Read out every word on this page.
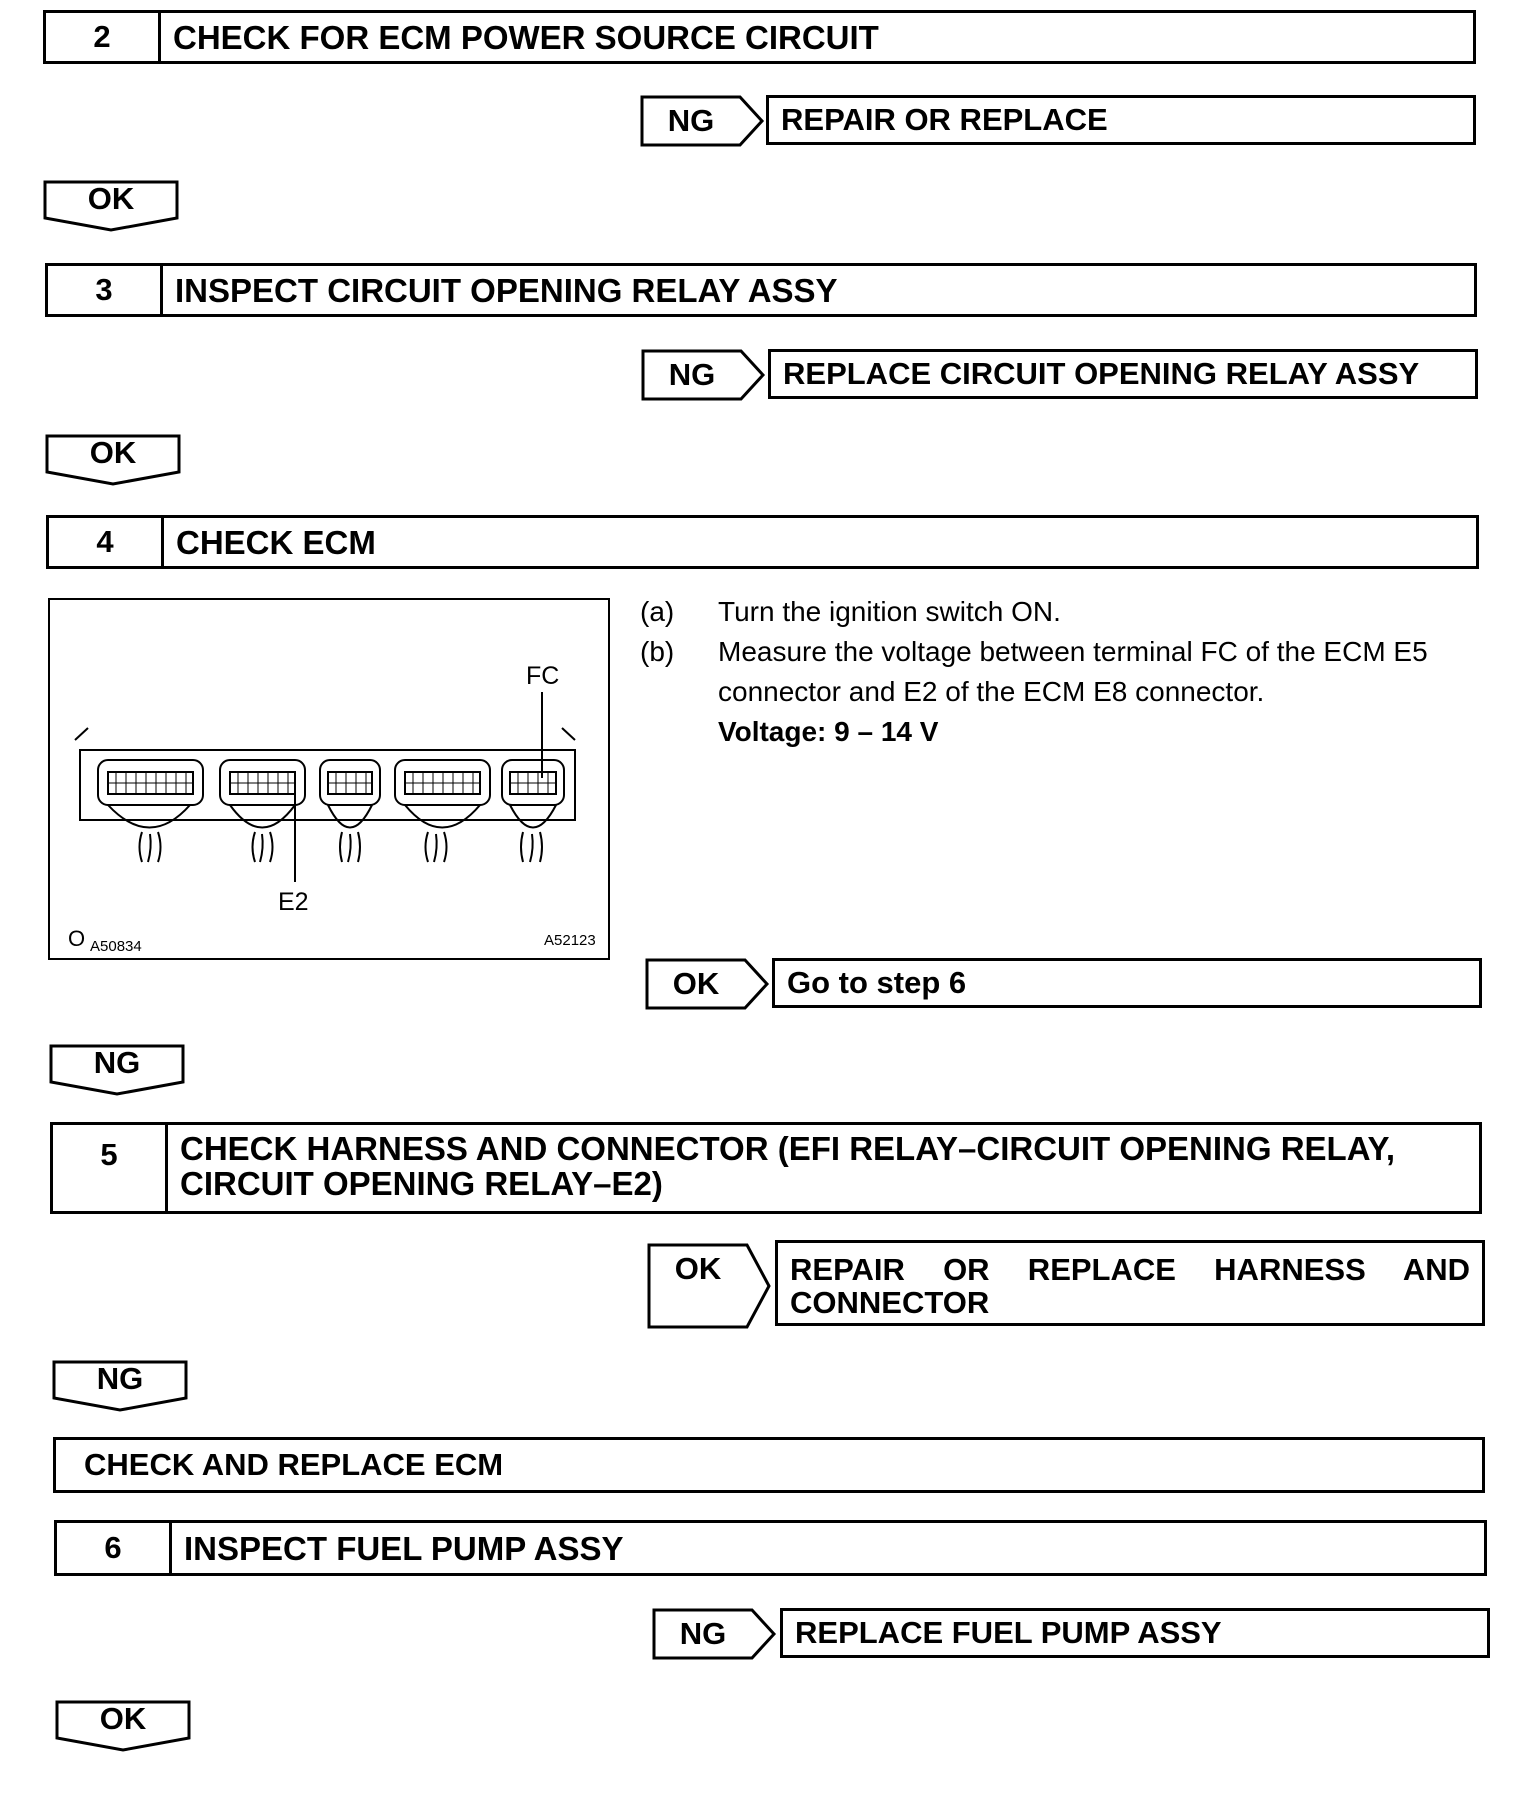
2	CHECK FOR ECM POWER SOURCE CIRCUIT
NG	REPAIR OR REPLACE
OK
3	INSPECT CIRCUIT OPENING RELAY ASSY
NG	REPLACE CIRCUIT OPENING RELAY ASSY
OK
4	CHECK ECM
FC
E2
O A50834	A52123
(a)	Turn the ignition switch ON.
(b)	Measure the voltage between terminal FC of the ECM E5 connector and E2 of the ECM E8 connector.
Voltage: 9 – 14 V
OK	Go to step 6
NG
5	CHECK HARNESS AND CONNECTOR (EFI RELAY–CIRCUIT OPENING RELAY, CIRCUIT OPENING RELAY–E2)
OK	REPAIR OR REPLACE HARNESS AND CONNECTOR
NG
CHECK AND REPLACE ECM
6	INSPECT FUEL PUMP ASSY
NG	REPLACE FUEL PUMP ASSY
OK
